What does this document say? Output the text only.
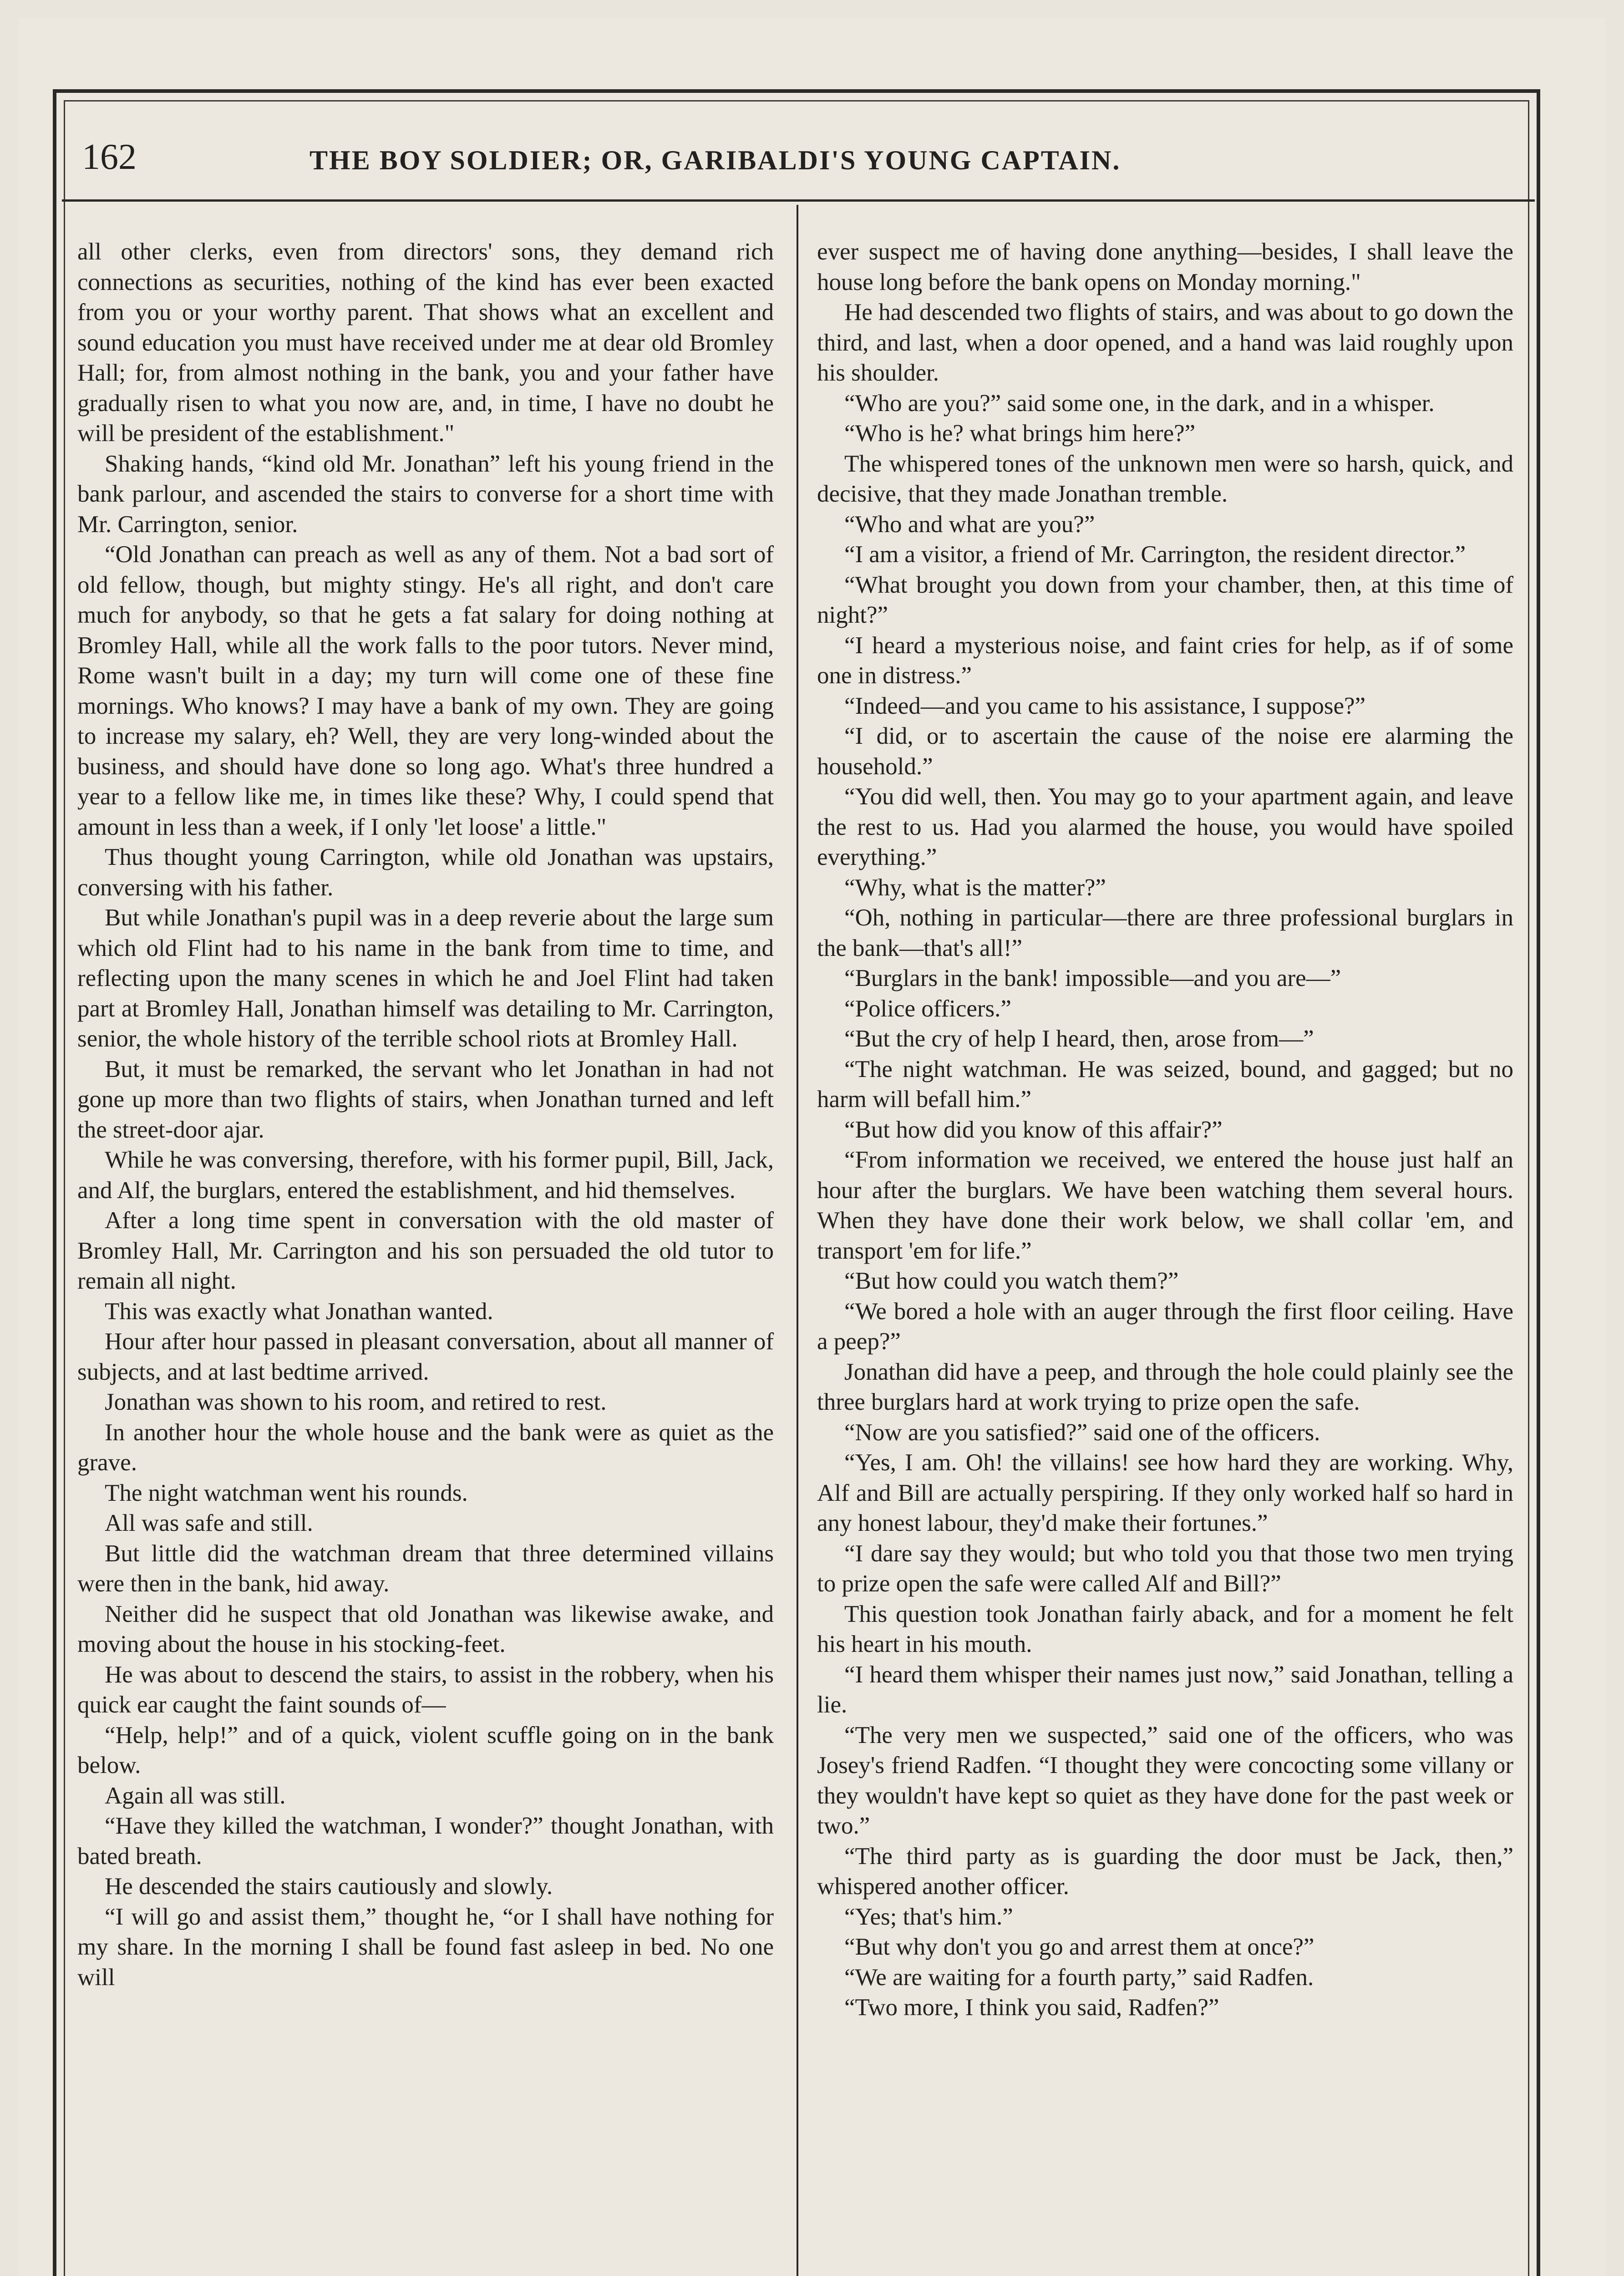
162	THE BOY SOLDIER; OR, GARIBALDI'S YOUNG CAPTAIN.

all other clerks, even from directors' sons, they demand rich connections as securities, nothing of the kind has ever been exacted from you or your worthy parent. That shows what an excellent and sound education you must have received under me at dear old Bromley Hall; for, from almost nothing in the bank, you and your father have gradually risen to what you now are, and, in time, I have no doubt he will be president of the establishment."

Shaking hands, “kind old Mr. Jonathan” left his young friend in the bank parlour, and ascended the stairs to converse for a short time with Mr. Carrington, senior.

“Old Jonathan can preach as well as any of them. Not a bad sort of old fellow, though, but mighty stingy. He's all right, and don't care much for anybody, so that he gets a fat salary for doing nothing at Bromley Hall, while all the work falls to the poor tutors. Never mind, Rome wasn't built in a day; my turn will come one of these fine mornings. Who knows? I may have a bank of my own. They are going to increase my salary, eh? Well, they are very long-winded about the business, and should have done so long ago. What's three hundred a year to a fellow like me, in times like these? Why, I could spend that amount in less than a week, if I only 'let loose' a little."

Thus thought young Carrington, while old Jonathan was upstairs, conversing with his father.

But while Jonathan's pupil was in a deep reverie about the large sum which old Flint had to his name in the bank from time to time, and reflecting upon the many scenes in which he and Joel Flint had taken part at Bromley Hall, Jonathan himself was detailing to Mr. Carrington, senior, the whole history of the terrible school riots at Bromley Hall.

But, it must be remarked, the servant who let Jonathan in had not gone up more than two flights of stairs, when Jonathan turned and left the street-door ajar.

While he was conversing, therefore, with his former pupil, Bill, Jack, and Alf, the burglars, entered the establishment, and hid themselves.

After a long time spent in conversation with the old master of Bromley Hall, Mr. Carrington and his son persuaded the old tutor to remain all night.

This was exactly what Jonathan wanted.

Hour after hour passed in pleasant conversation, about all manner of subjects, and at last bedtime arrived.

Jonathan was shown to his room, and retired to rest.

In another hour the whole house and the bank were as quiet as the grave.

The night watchman went his rounds.

All was safe and still.

But little did the watchman dream that three determined villains were then in the bank, hid away.

Neither did he suspect that old Jonathan was likewise awake, and moving about the house in his stocking-feet.

He was about to descend the stairs, to assist in the robbery, when his quick ear caught the faint sounds of—

“Help, help!” and of a quick, violent scuffle going on in the bank below.

Again all was still.

“Have they killed the watchman, I wonder?” thought Jonathan, with bated breath.

He descended the stairs cautiously and slowly.

“I will go and assist them,” thought he, “or I shall have nothing for my share. In the morning I shall be found fast asleep in bed. No one will

ever suspect me of having done anything—besides, I shall leave the house long before the bank opens on Monday morning."

He had descended two flights of stairs, and was about to go down the third, and last, when a door opened, and a hand was laid roughly upon his shoulder.

“Who are you?” said some one, in the dark, and in a whisper.

“Who is he? what brings him here?”

The whispered tones of the unknown men were so harsh, quick, and decisive, that they made Jonathan tremble.

“Who and what are you?”

“I am a visitor, a friend of Mr. Carrington, the resident director.”

“What brought you down from your chamber, then, at this time of night?”

“I heard a mysterious noise, and faint cries for help, as if of some one in distress.”

“Indeed—and you came to his assistance, I suppose?”

“I did, or to ascertain the cause of the noise ere alarming the household.”

“You did well, then. You may go to your apartment again, and leave the rest to us. Had you alarmed the house, you would have spoiled everything.”

“Why, what is the matter?”

“Oh, nothing in particular—there are three professional burglars in the bank—that's all!”

“Burglars in the bank! impossible—and you are—”

“Police officers.”

“But the cry of help I heard, then, arose from—”

“The night watchman. He was seized, bound, and gagged; but no harm will befall him.”

“But how did you know of this affair?”

“From information we received, we entered the house just half an hour after the burglars. We have been watching them several hours. When they have done their work below, we shall collar 'em, and transport 'em for life.”

“But how could you watch them?”

“We bored a hole with an auger through the first floor ceiling. Have a peep?”

Jonathan did have a peep, and through the hole could plainly see the three burglars hard at work trying to prize open the safe.

“Now are you satisfied?” said one of the officers.

“Yes, I am. Oh! the villains! see how hard they are working. Why, Alf and Bill are actually perspiring. If they only worked half so hard in any honest labour, they'd make their fortunes.”

“I dare say they would; but who told you that those two men trying to prize open the safe were called Alf and Bill?”

This question took Jonathan fairly aback, and for a moment he felt his heart in his mouth.

“I heard them whisper their names just now,” said Jonathan, telling a lie.

“The very men we suspected,” said one of the officers, who was Josey's friend Radfen. “I thought they were concocting some villany or they wouldn't have kept so quiet as they have done for the past week or two.”

“The third party as is guarding the door must be Jack, then,” whispered another officer.

“Yes; that's him.”

“But why don't you go and arrest them at once?”

“We are waiting for a fourth party,” said Radfen.

“Two more, I think you said, Radfen?”
